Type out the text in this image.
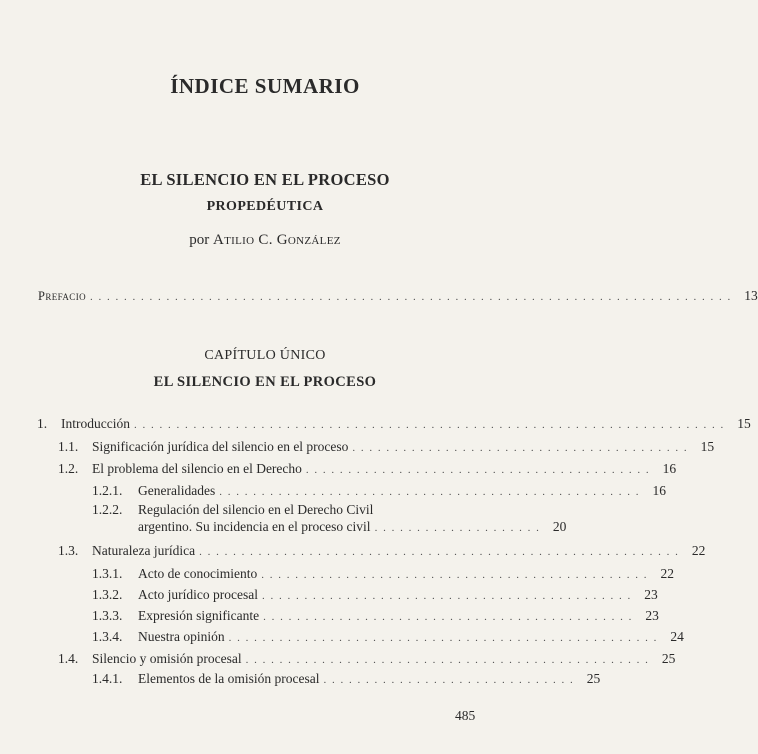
ÍNDICE SUMARIO
EL SILENCIO EN EL PROCESO
PROPEDÉUTICA
por Atilio C. González
Prefacio . . . . . . . . . . . . . . . . . . . . . . . . . . . . . . . . . . . . . . . . . . . . . . . . . . . . . . . . . . . . . . . . . . . . . . . . . . . . 13
CAPÍTULO ÚNICO
EL SILENCIO EN EL PROCESO
1.	Introducción . . . . . . . . . . . . . . . . . . . . . . . . . . . . . . . . . . . . . . . . . . . . . . . . . . . . . . . . . . . . . . . . . . . . . . 15
1.1.	Significación jurídica del silencio en el proceso . . . . . . . . . . . . . . . . . . . . . . . . . . . . . . . . . . . . . . . . 15
1.2.	El problema del silencio en el Derecho . . . . . . . . . . . . . . . . . . . . . . . . . . . . . . . . . . . . . . . . . 16
1.2.1.	Generalidades . . . . . . . . . . . . . . . . . . . . . . . . . . . . . . . . . . . . . . . . . . . . . . . . . . 16
1.2.2.	Regulación del silencio en el Derecho Civil
argentino. Su incidencia en el proceso civil . . . . . . . . . . . . . . . . . . . . 20
1.3.	Naturaleza jurídica . . . . . . . . . . . . . . . . . . . . . . . . . . . . . . . . . . . . . . . . . . . . . . . . . . . . . . . . . 22
1.3.1.	Acto de conocimiento . . . . . . . . . . . . . . . . . . . . . . . . . . . . . . . . . . . . . . . . . . . . . . 22
1.3.2.	Acto jurídico procesal . . . . . . . . . . . . . . . . . . . . . . . . . . . . . . . . . . . . . . . . . . . . 23
1.3.3.	Expresión significante . . . . . . . . . . . . . . . . . . . . . . . . . . . . . . . . . . . . . . . . . . . . 23
1.3.4.	Nuestra opinión . . . . . . . . . . . . . . . . . . . . . . . . . . . . . . . . . . . . . . . . . . . . . . . . . . . 24
1.4.	Silencio y omisión procesal . . . . . . . . . . . . . . . . . . . . . . . . . . . . . . . . . . . . . . . . . . . . . . . . 25
1.4.1.	Elementos de la omisión procesal . . . . . . . . . . . . . . . . . . . . . . . . . . . . . . 25
485
